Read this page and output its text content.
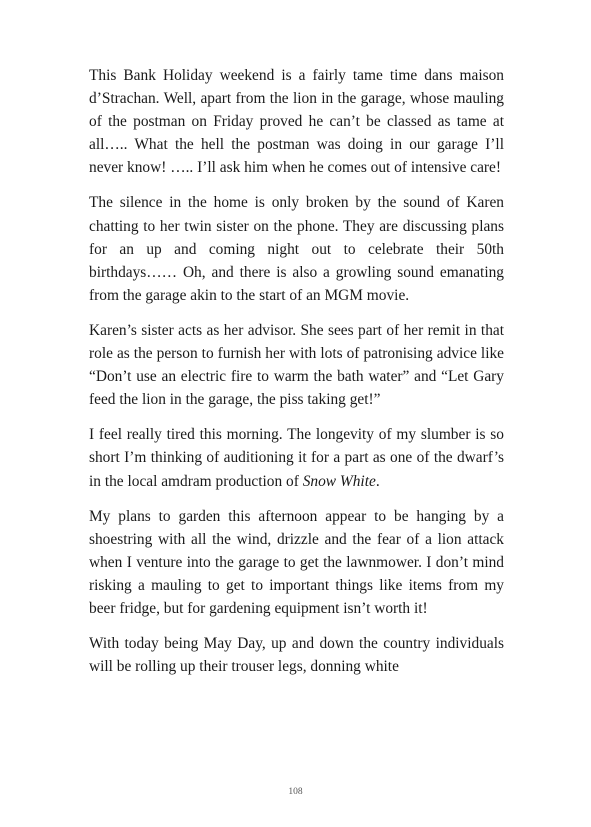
This Bank Holiday weekend is a fairly tame time dans maison d’Strachan. Well, apart from the lion in the garage, whose mauling of the postman on Friday proved he can’t be classed as tame at all….. What the hell the postman was doing in our garage I’ll never know! ….. I’ll ask him when he comes out of intensive care!

The silence in the home is only broken by the sound of Karen chatting to her twin sister on the phone. They are discussing plans for an up and coming night out to celebrate their 50th birthdays…… Oh, and there is also a growling sound emanating from the garage akin to the start of an MGM movie.

Karen’s sister acts as her advisor. She sees part of her remit in that role as the person to furnish her with lots of patronising advice like “Don’t use an electric fire to warm the bath water” and “Let Gary feed the lion in the garage, the piss taking get!”

I feel really tired this morning. The longevity of my slumber is so short I’m thinking of auditioning it for a part as one of the dwarf’s in the local amdram production of Snow White.

My plans to garden this afternoon appear to be hanging by a shoestring with all the wind, drizzle and the fear of a lion attack when I venture into the garage to get the lawnmower. I don’t mind risking a mauling to get to important things like items from my beer fridge, but for gardening equipment isn’t worth it!

With today being May Day, up and down the country individuals will be rolling up their trouser legs, donning white

108
